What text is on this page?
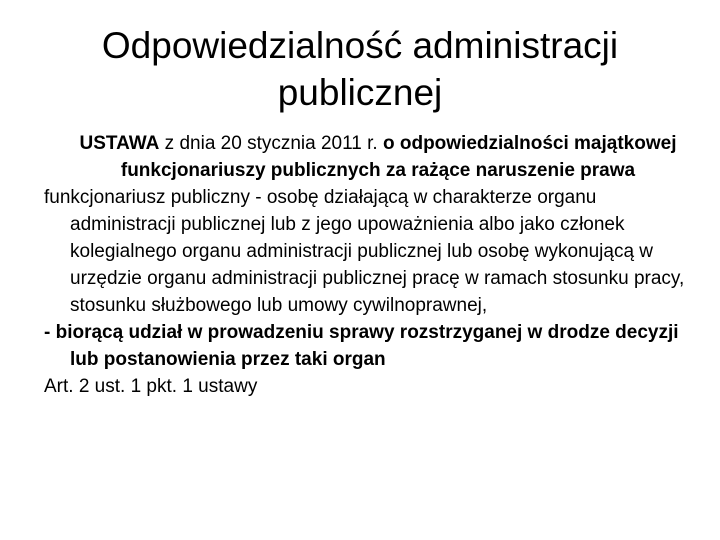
Odpowiedzialność administracji
publicznej
USTAWA z dnia 20 stycznia 2011 r. o odpowiedzialności majątkowej funkcjonariuszy publicznych za rażące naruszenie prawa
funkcjonariusz publiczny - osobę działającą w charakterze organu administracji publicznej lub z jego upoważnienia albo jako członek kolegialnego organu administracji publicznej lub osobę wykonującą w urzędzie organu administracji publicznej pracę w ramach stosunku pracy, stosunku służbowego lub umowy cywilnoprawnej,
- biorącą udział w prowadzeniu sprawy rozstrzyganej w drodze decyzji lub postanowienia przez taki organ
Art. 2 ust. 1 pkt. 1 ustawy
